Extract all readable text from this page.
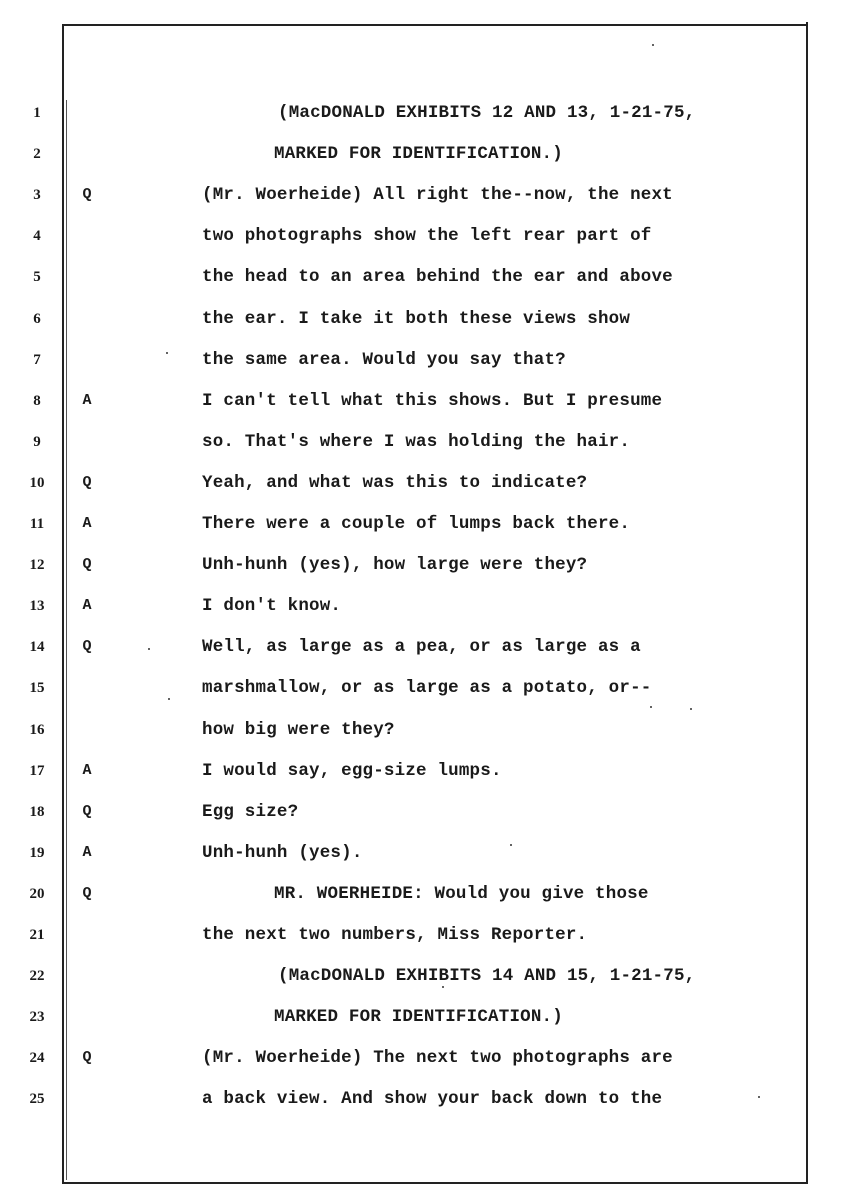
1	(MacDONALD EXHIBITS 12 AND 13, 1-21-75,
2	MARKED FOR IDENTIFICATION.)
3	Q	(Mr. Woerheide) All right the--now, the next
4	two photographs show the left rear part of
5	the head to an area behind the ear and above
6	the ear. I take it both these views show
7	the same area. Would you say that?
8	A	I can't tell what this shows. But I presume
9	so. That's where I was holding the hair.
10	Q	Yeah, and what was this to indicate?
11	A	There were a couple of lumps back there.
12	Q	Unh-hunh (yes), how large were they?
13	A	I don't know.
14	Q	Well, as large as a pea, or as large as a
15	marshmallow, or as large as a potato, or--
16	how big were they?
17	A	I would say, egg-size lumps.
18	Q	Egg size?
19	A	Unh-hunh (yes).
20	Q	MR. WOERHEIDE: Would you give those
21	the next two numbers, Miss Reporter.
22	(MacDONALD EXHIBITS 14 AND 15, 1-21-75,
23	MARKED FOR IDENTIFICATION.)
24	Q	(Mr. Woerheide) The next two photographs are
25	a back view. And show your back down to the
